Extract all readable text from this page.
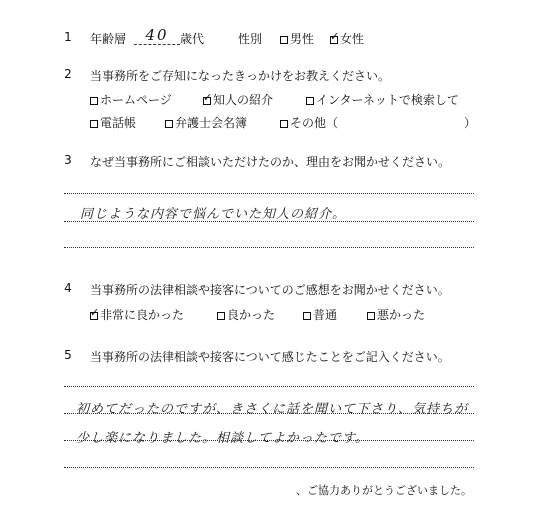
1 年齢層	40 歳代	性別	男性 ✓	女性
2 当事務所をご存知になったきっかけをお教えください。
ホームページ ✓	知人の紹介	インターネットで検索して
電話帳	弁護士会名簿	その他（	）
3 なぜ当事務所にご相談いただけたのか、理由をお聞かせください。
同じような内容で悩んでいた知人の紹介。
4 当事務所の法律相談や接客についてのご感想をお聞かせください。
✓非常に良かった	良かった	普通	悪かった
5 当事務所の法律相談や接客について感じたことをご記入ください。
初めてだったのですが、きさくに話を聞いて下さり、気持ちが
少し楽になりました。相談してよかったです。
、ご協力ありがとうございました。
